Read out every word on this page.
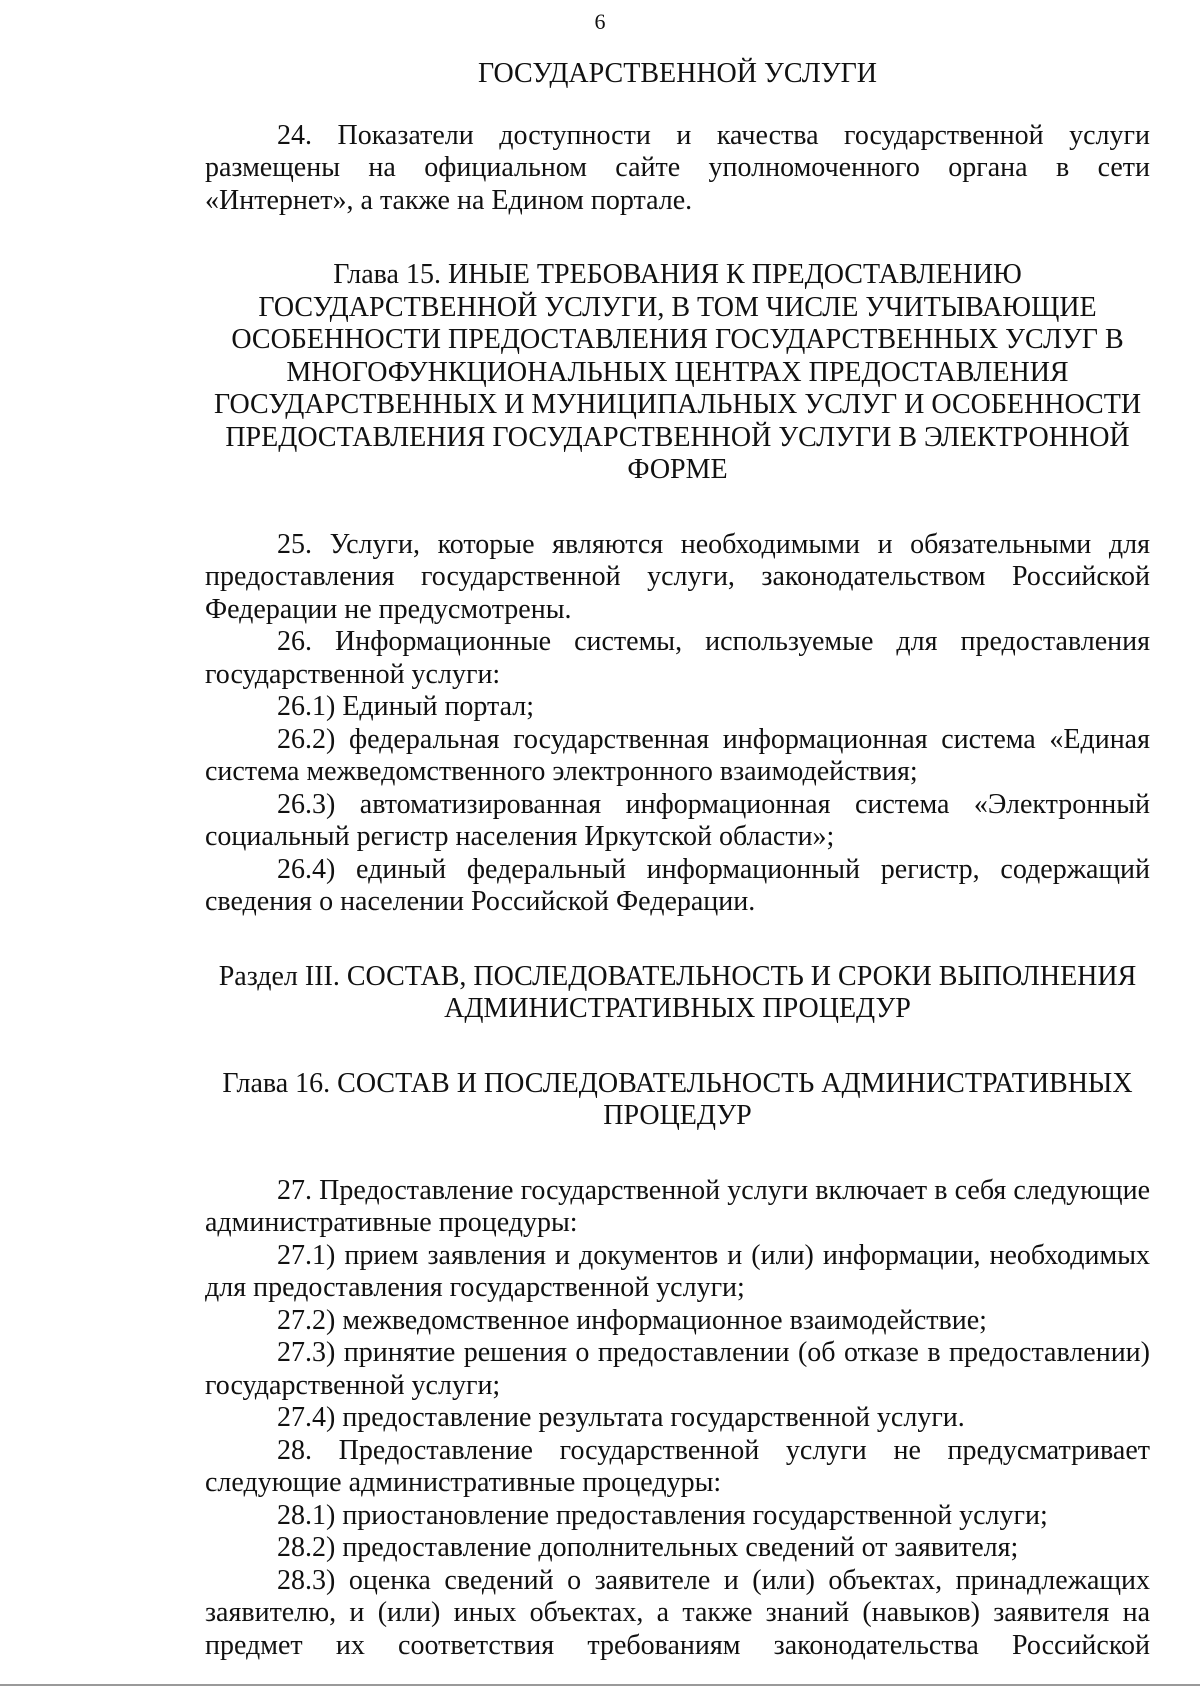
6
ГОСУДАРСТВЕННОЙ УСЛУГИ

24. Показатели доступности и качества государственной услуги размещены на официальном сайте уполномоченного органа в сети «Интернет», а также на Едином портале.

Глава 15. ИНЫЕ ТРЕБОВАНИЯ К ПРЕДОСТАВЛЕНИЮ ГОСУДАРСТВЕННОЙ УСЛУГИ, В ТОМ ЧИСЛЕ УЧИТЫВАЮЩИЕ ОСОБЕННОСТИ ПРЕДОСТАВЛЕНИЯ ГОСУДАРСТВЕННЫХ УСЛУГ В МНОГОФУНКЦИОНАЛЬНЫХ ЦЕНТРАХ ПРЕДОСТАВЛЕНИЯ ГОСУДАРСТВЕННЫХ И МУНИЦИПАЛЬНЫХ УСЛУГ И ОСОБЕННОСТИ ПРЕДОСТАВЛЕНИЯ ГОСУДАРСТВЕННОЙ УСЛУГИ В ЭЛЕКТРОННОЙ ФОРМЕ

25. Услуги, которые являются необходимыми и обязательными для предоставления государственной услуги, законодательством Российской Федерации не предусмотрены.

26. Информационные системы, используемые для предоставления государственной услуги:

26.1) Единый портал;

26.2) федеральная государственная информационная система «Единая система межведомственного электронного взаимодействия;

26.3) автоматизированная информационная система «Электронный социальный регистр населения Иркутской области»;

26.4) единый федеральный информационный регистр, содержащий сведения о населении Российской Федерации.

Раздел III. СОСТАВ, ПОСЛЕДОВАТЕЛЬНОСТЬ И СРОКИ ВЫПОЛНЕНИЯ АДМИНИСТРАТИВНЫХ ПРОЦЕДУР
Глава 16. СОСТАВ И ПОСЛЕДОВАТЕЛЬНОСТЬ АДМИНИСТРАТИВНЫХ ПРОЦЕДУР

27. Предоставление государственной услуги включает в себя следующие административные процедуры:

27.1) прием заявления и документов и (или) информации, необходимых для предоставления государственной услуги;

27.2) межведомственное информационное взаимодействие;

27.3) принятие решения о предоставлении (об отказе в предоставлении) государственной услуги;

27.4) предоставление результата государственной услуги.

28. Предоставление государственной услуги не предусматривает следующие административные процедуры:

28.1) приостановление предоставления государственной услуги;

28.2) предоставление дополнительных сведений от заявителя;

28.3) оценка сведений о заявителе и (или) объектах, принадлежащих заявителю, и (или) иных объектах, а также знаний (навыков) заявителя на предмет их соответствия требованиям законодательства Российской
